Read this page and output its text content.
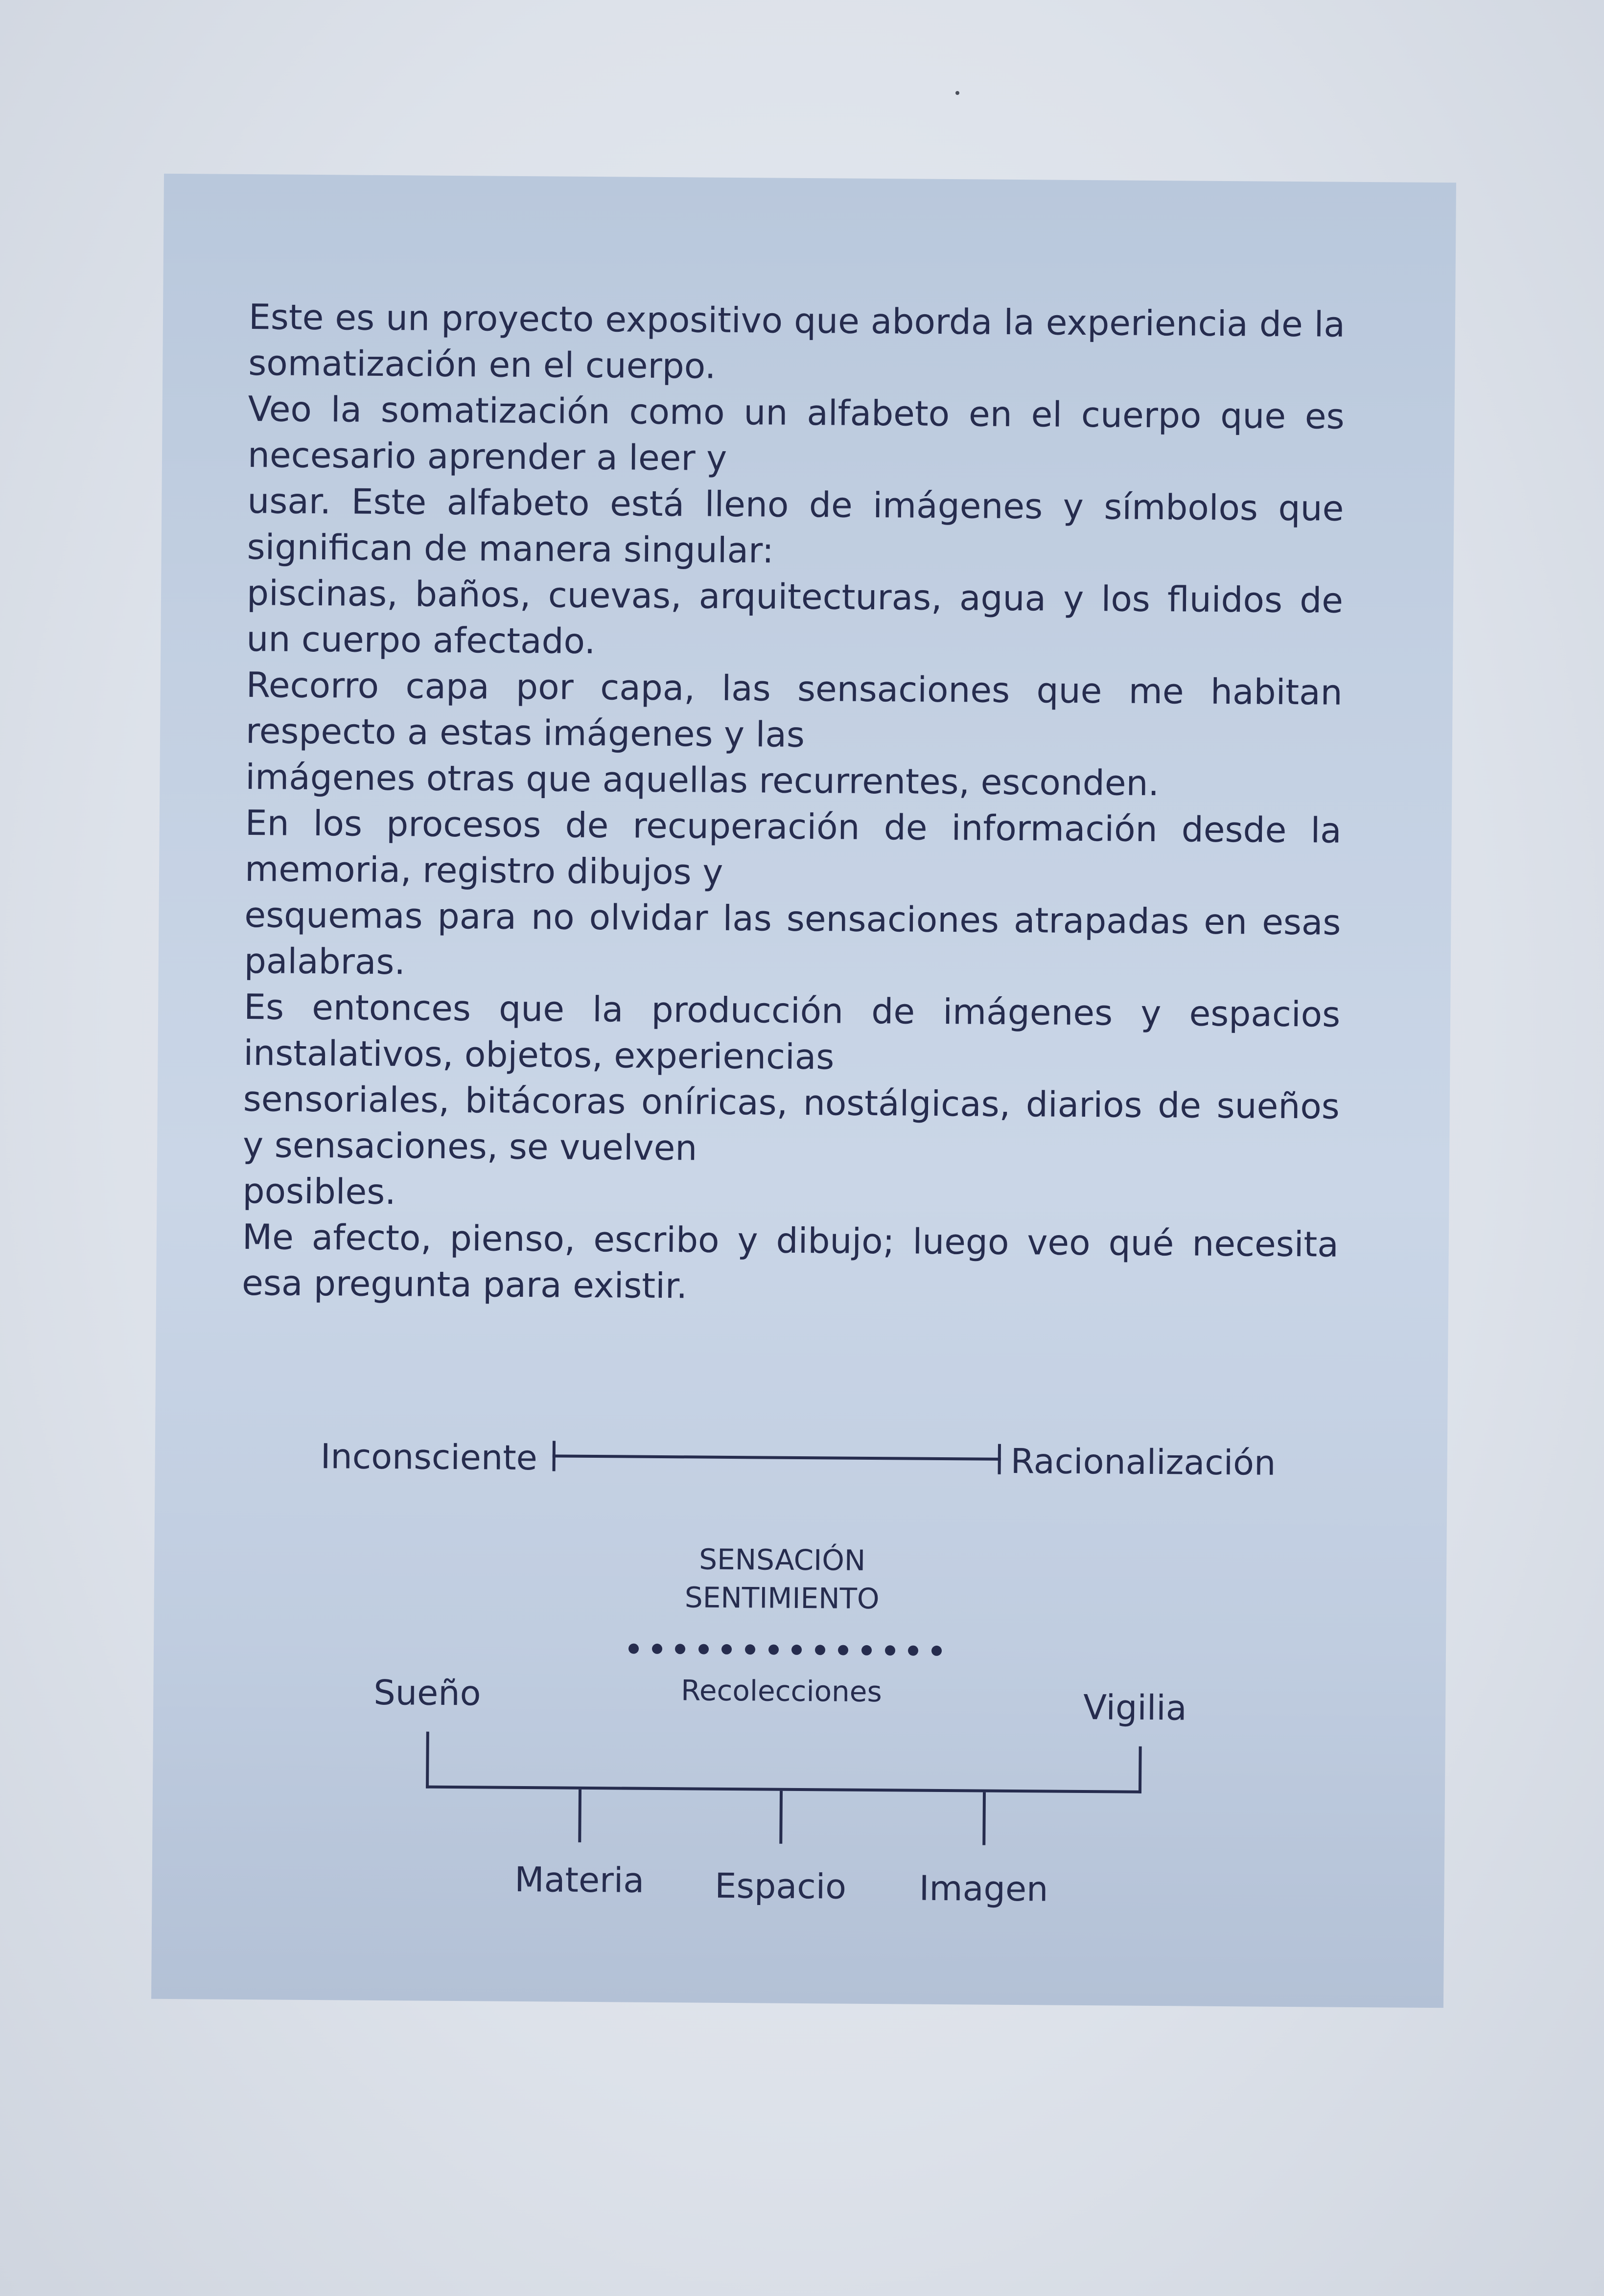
Este es un proyecto expositivo que aborda la experiencia de la somatización en el cuerpo.

Veo la somatización como un alfabeto en el cuerpo que es necesario aprender a leer y

usar. Este alfabeto está lleno de imágenes y símbolos que significan de manera singular:

piscinas, baños, cuevas, arquitecturas, agua y los fluidos de un cuerpo afectado.

Recorro capa por capa, las sensaciones que me habitan respecto a estas imágenes y las

imágenes otras que aquellas recurrentes, esconden.

En los procesos de recuperación de información desde la memoria, registro dibujos y

esquemas para no olvidar las sensaciones atrapadas en esas palabras.

Es entonces que la producción de imágenes y espacios instalativos, objetos, experiencias

sensoriales, bitácoras oníricas, nostálgicas, diarios de sueños y sensaciones, se vuelven

posibles.

Me afecto, pienso, escribo y dibujo; luego veo qué necesita esa pregunta para existir.

Inconsciente	Racionalización
SENSACIÓN
SENTIMIENTO
Recolecciones
Sueño	Vigilia
Materia Espacio Imagen
